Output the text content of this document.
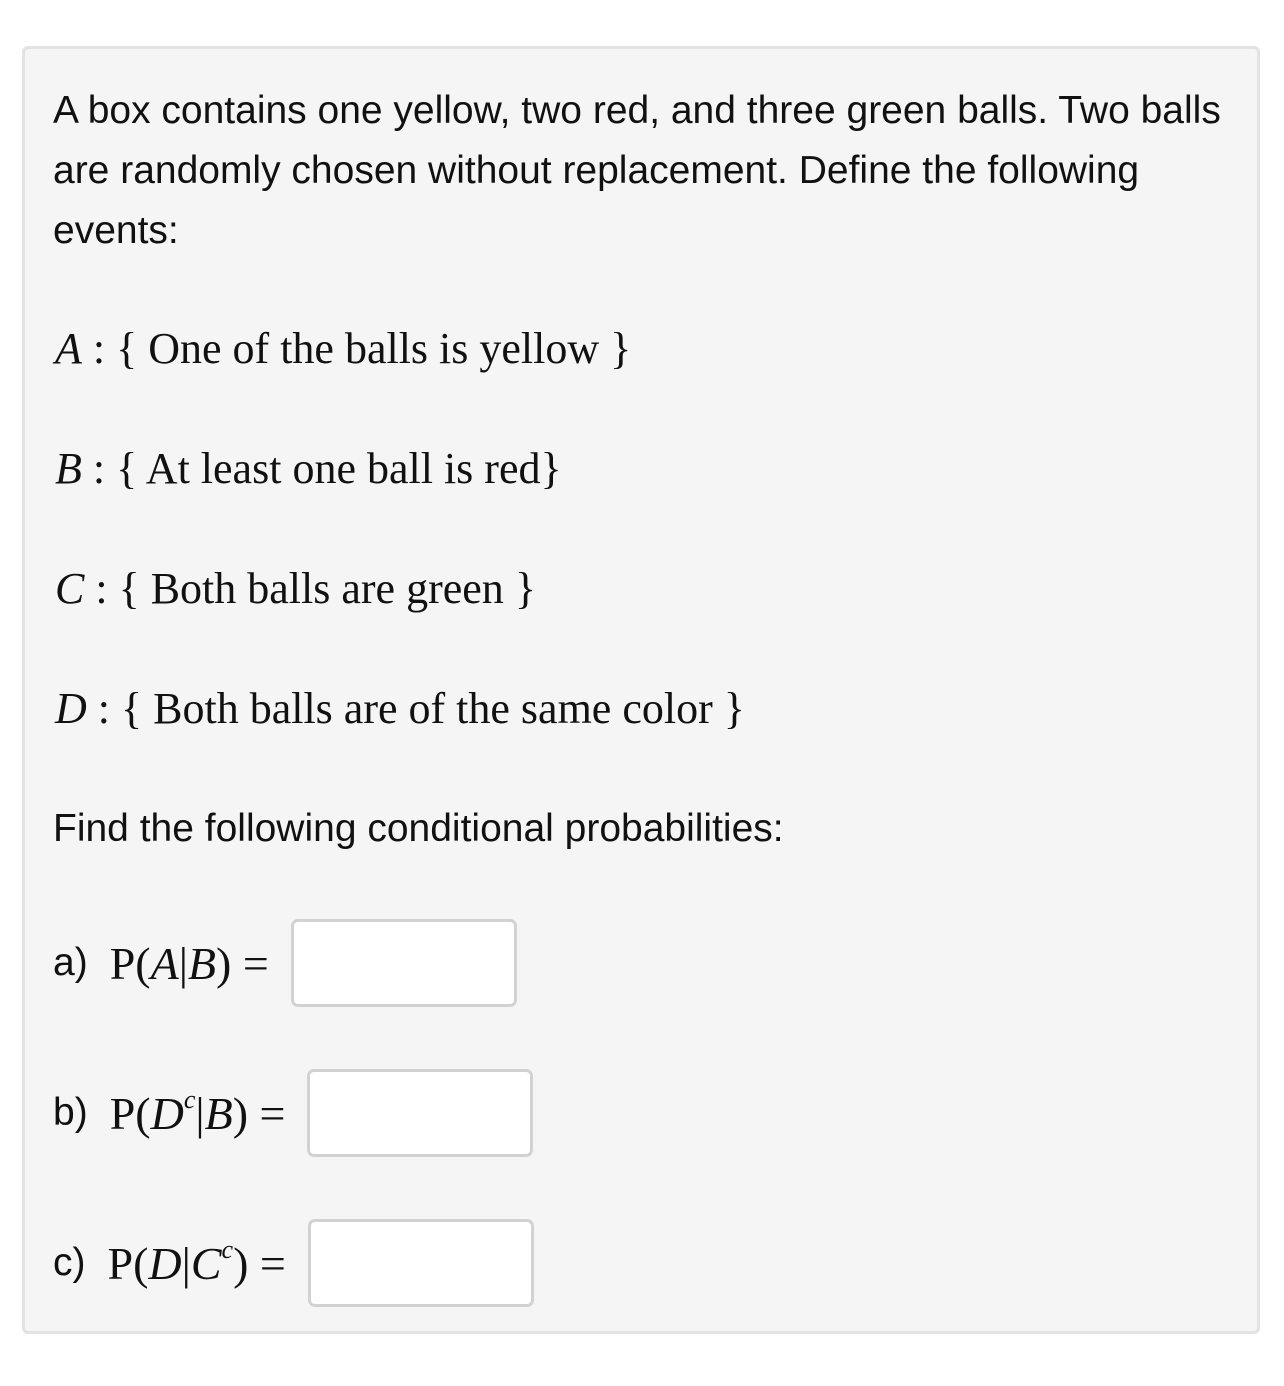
A box contains one yellow, two red, and three green balls. Two balls are randomly chosen without replacement. Define the following events:

A : { One of the balls is yellow }
B : { At least one ball is red}
C : { Both balls are green }
D : { Both balls are of the same color }
Find the following conditional probabilities:
a) P(A|B) =
b) $P(D^c|B)$ =
c) $P(D|C^c)$ =
